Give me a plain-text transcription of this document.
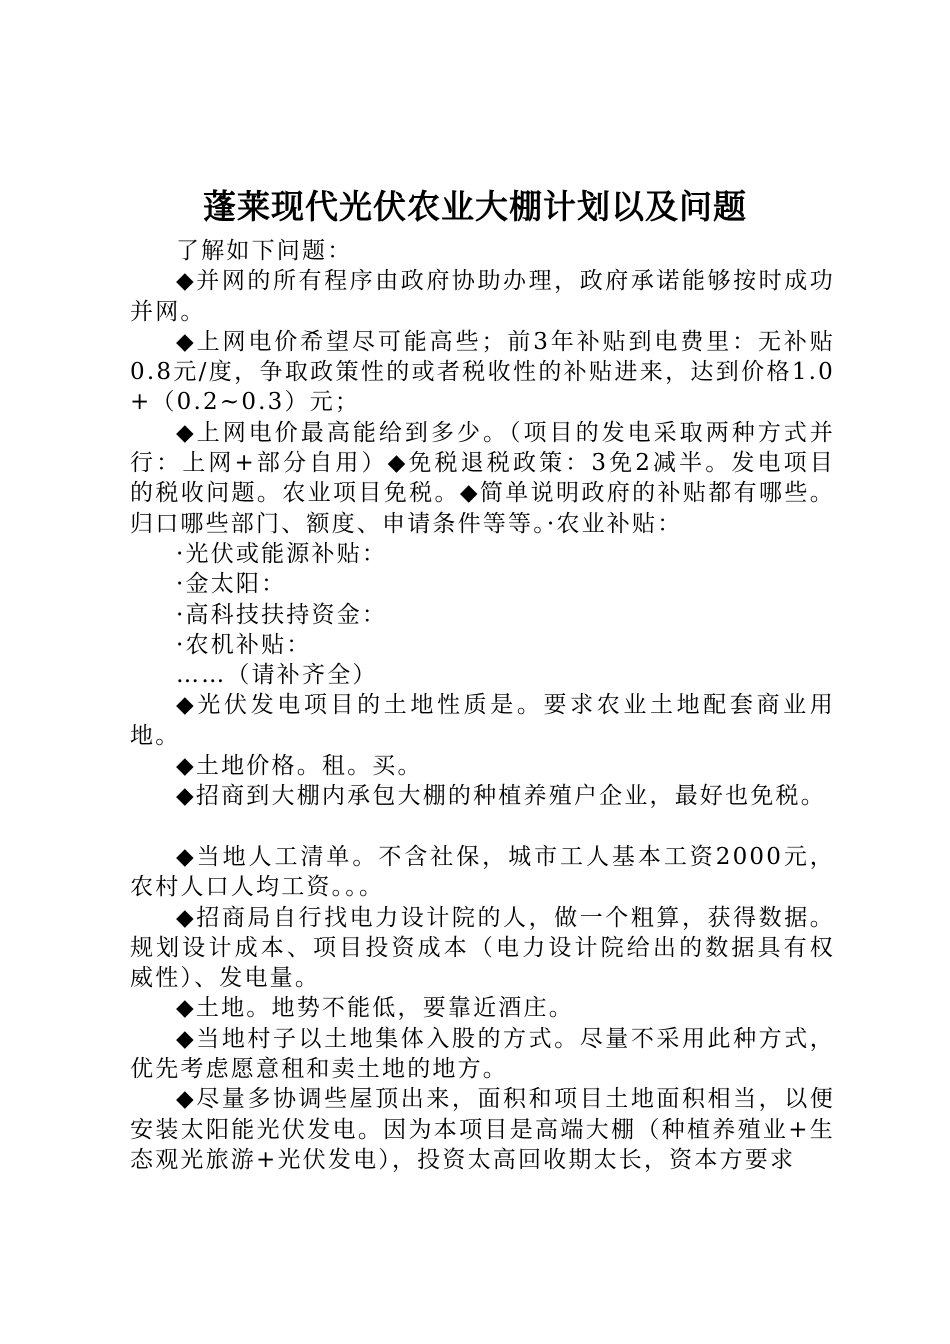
蓬莱现代光伏农业大棚计划以及问题

了解如下问题：

◆并网的所有程序由政府协助办理，政府承诺能够按时成功并网。

◆上网电价希望尽可能高些；前3年补贴到电费里：无补贴0.8元/度，争取政策性的或者税收性的补贴进来，达到价格1.0+（0.2~0.3）元；

◆上网电价最高能给到多少。（项目的发电采取两种方式并行：上网+部分自用）◆免税退税政策：3免2减半。发电项目的税收问题。农业项目免税。◆简单说明政府的补贴都有哪些。归口哪些部门、额度、申请条件等等。·农业补贴：

·光伏或能源补贴：

·金太阳：

·高科技扶持资金：

·农机补贴：

……（请补齐全）

◆光伏发电项目的土地性质是。要求农业土地配套商业用地。

◆土地价格。租。买。

◆招商到大棚内承包大棚的种植养殖户企业，最好也免税。

◆当地人工清单。不含社保，城市工人基本工资2000元，农村人口人均工资。。。

◆招商局自行找电力设计院的人，做一个粗算，获得数据。规划设计成本、项目投资成本（电力设计院给出的数据具有权威性）、发电量。

◆土地。地势不能低，要靠近酒庄。

◆当地村子以土地集体入股的方式。尽量不采用此种方式，优先考虑愿意租和卖土地的地方。

◆尽量多协调些屋顶出来，面积和项目土地面积相当，以便安装太阳能光伏发电。因为本项目是高端大棚（种植养殖业+生态观光旅游+光伏发电），投资太高回收期太长，资本方要求
